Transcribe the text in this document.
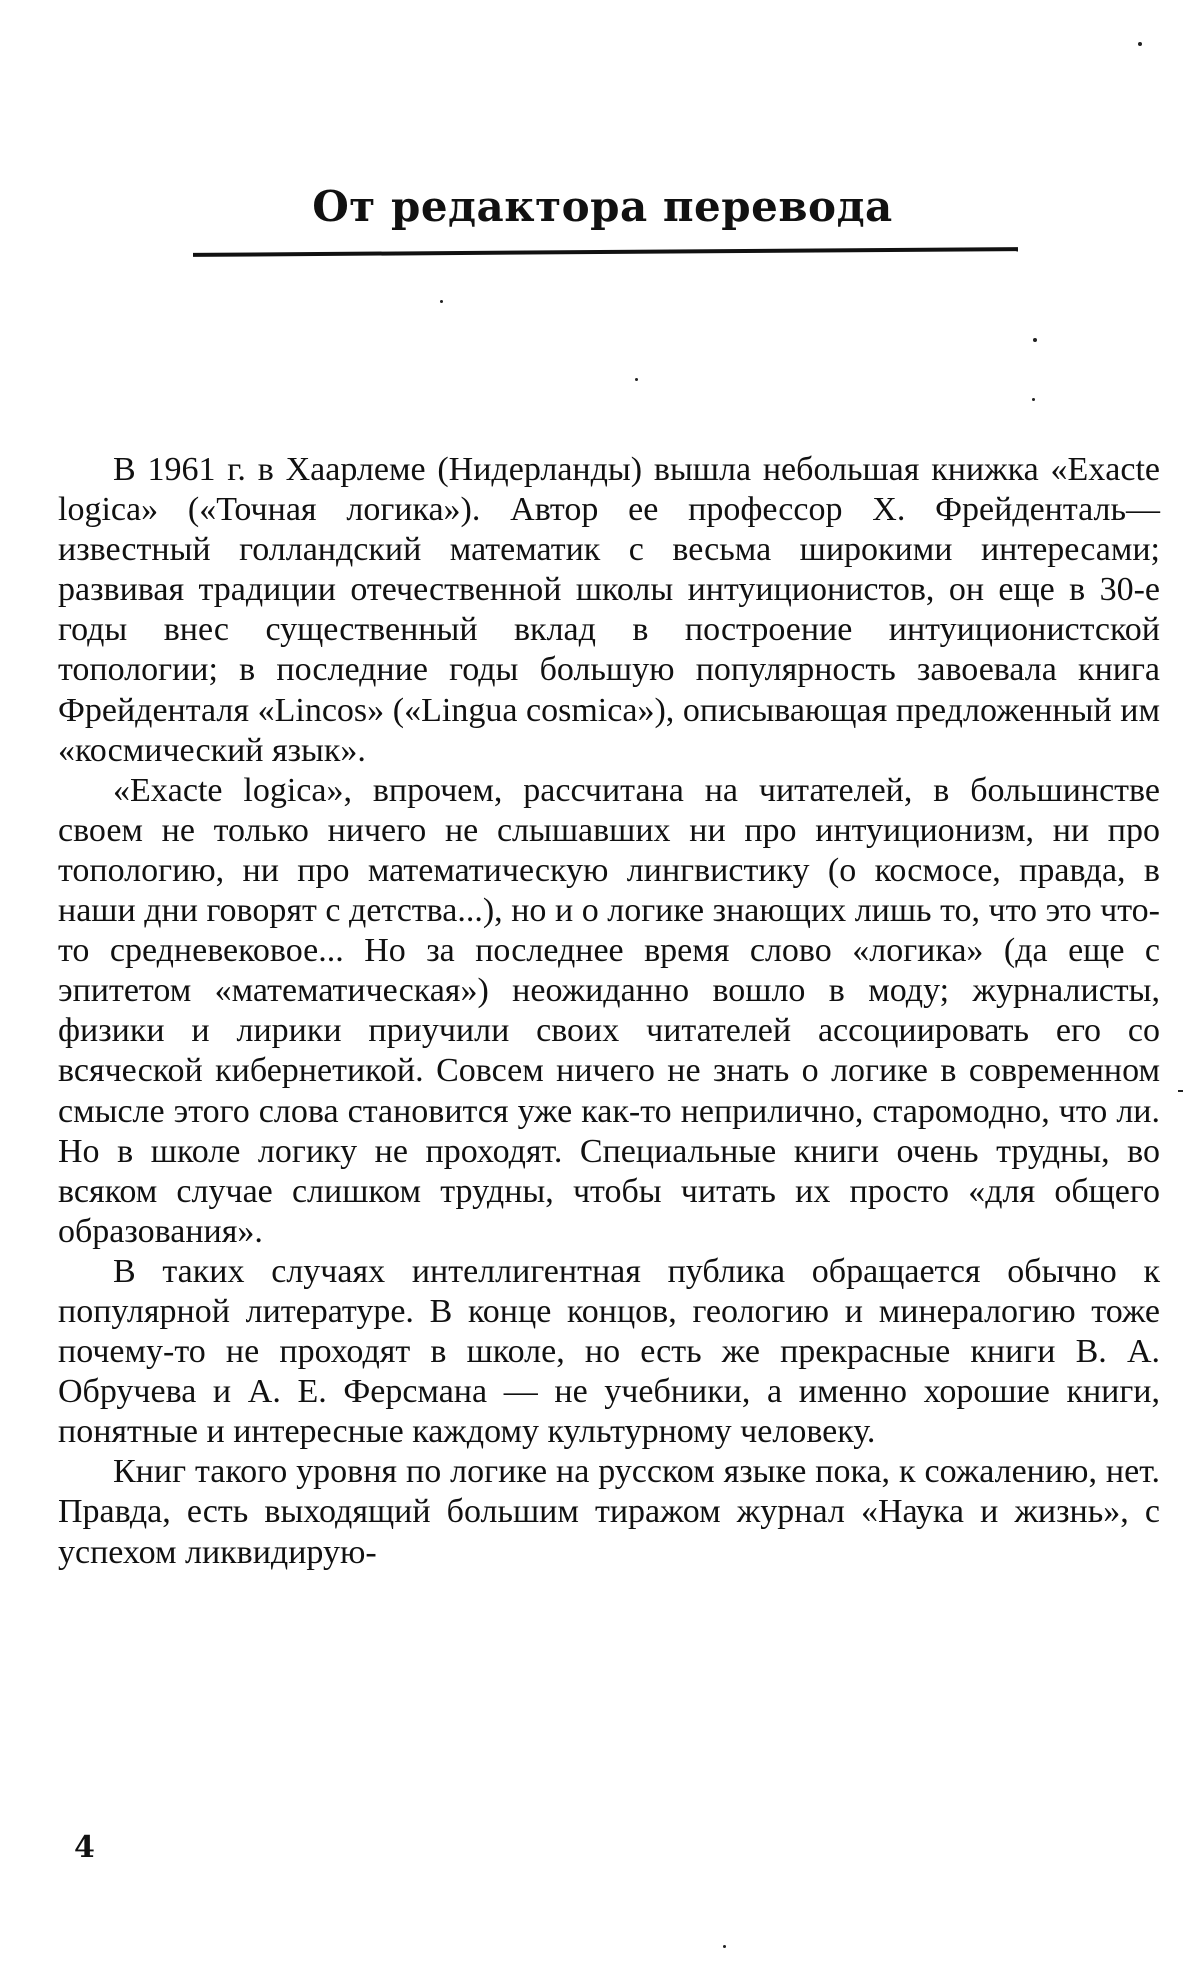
От редактора перевода

В 1961 г. в Хаарлеме (Нидерланды) вышла небольшая книжка «Exacte logica» («Точная логика»). Автор ее профессор Х. Фрейденталь—известный голландский математик с весьма широкими интересами; развивая традиции отечественной школы интуиционистов, он еще в 30-е годы внес существенный вклад в построение интуиционистской топологии; в последние годы большую популярность завоевала книга Фрейденталя «Lincos» («Lingua cosmica»), описывающая предложенный им «космический язык».

«Exacte logica», впрочем, рассчитана на читателей, в большинстве своем не только ничего не слышавших ни про интуиционизм, ни про топологию, ни про математическую лингвистику (о космосе, правда, в наши дни говорят с детства...), но и о логике знающих лишь то, что это что-то средневековое... Но за последнее время слово «логика» (да еще с эпитетом «математическая») неожиданно вошло в моду; журналисты, физики и лирики приучили своих читателей ассоциировать его со всяческой кибернетикой. Совсем ничего не знать о логике в современном смысле этого слова становится уже как-то неприлично, старомодно, что ли. Но в школе логику не проходят. Специальные книги очень трудны, во всяком случае слишком трудны, чтобы читать их просто «для общего образования».

В таких случаях интеллигентная публика обращается обычно к популярной литературе. В конце концов, геологию и минералогию тоже почему-то не проходят в школе, но есть же прекрасные книги В. А. Обручева и А. Е. Ферсмана — не учебники, а именно хорошие книги, понятные и интересные каждому культурному человеку.

Книг такого уровня по логике на русском языке пока, к сожалению, нет. Правда, есть выходящий большим тиражом журнал «Наука и жизнь», с успехом ликвидирую-

4
